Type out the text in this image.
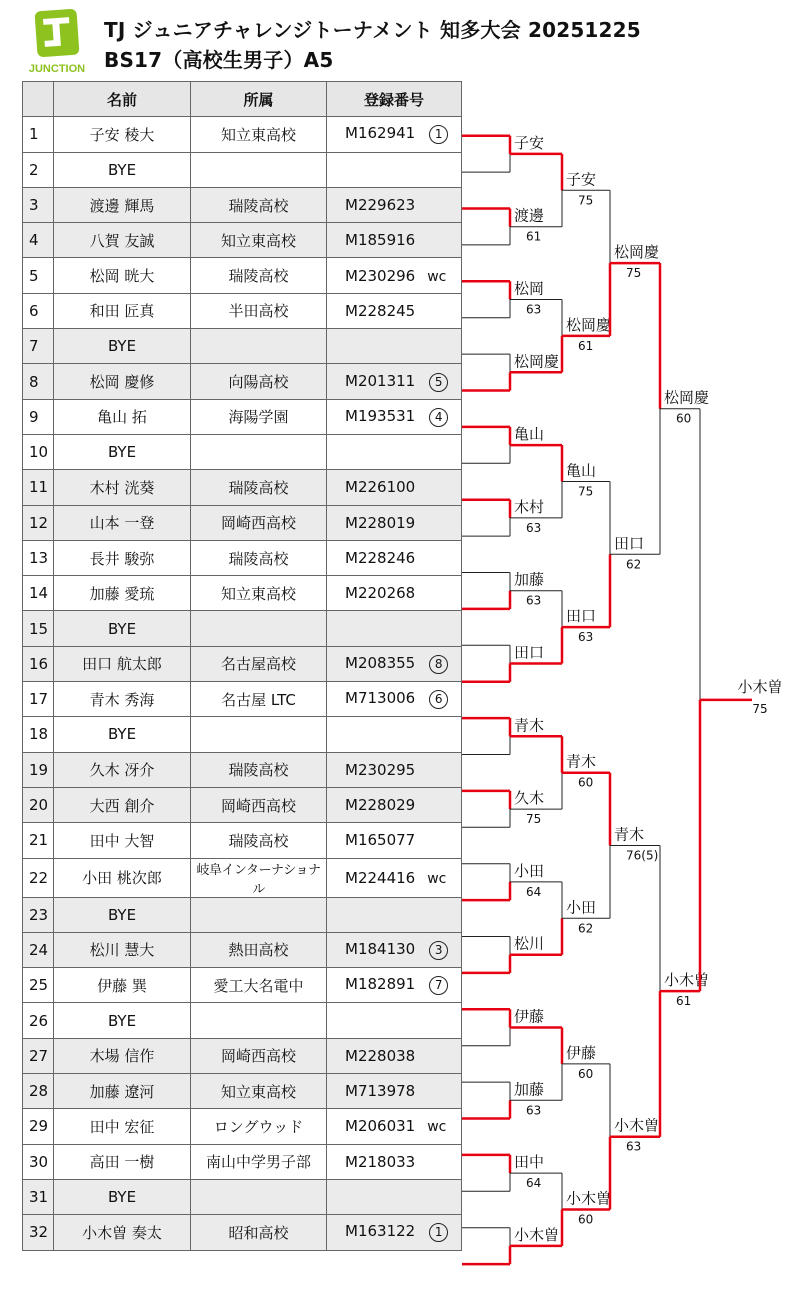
JUNCTION
TJ ジュニアチャレンジトーナメント 知多大会 20251225
BS17（高校生男子）A5
	名前	所属	登録番号
1	子安 稜大	知立東高校	M162941 1
2	BYE		
3	渡邊 輝馬	瑞陵高校	M229623
4	八賀 友誠	知立東高校	M185916
5	松岡 晄大	瑞陵高校	M230296 wc
6	和田 匠真	半田高校	M228245
7	BYE		
8	松岡 慶修	向陽高校	M201311 5
9	亀山 拓	海陽学園	M193531 4
10	BYE		
11	木村 洸葵	瑞陵高校	M226100
12	山本 一登	岡崎西高校	M228019
13	長井 駿弥	瑞陵高校	M228246
14	加藤 愛琉	知立東高校	M220268
15	BYE		
16	田口 航太郎	名古屋高校	M208355 8
17	青木 秀海	名古屋 LTC	M713006 6
18	BYE		
19	久木 冴介	瑞陵高校	M230295
20	大西 創介	岡崎西高校	M228029
21	田中 大智	瑞陵高校	M165077
22	小田 桃次郎	岐阜インターナショナル	M224416 wc
23	BYE		
24	松川 慧大	熱田高校	M184130 3
25	伊藤 巽	愛工大名電中	M182891 7
26	BYE		
27	木場 信作	岡崎西高校	M228038
28	加藤 遼河	知立東高校	M713978
29	田中 宏征	ロングウッド	M206031 wc
30	高田 一樹	南山中学男子部	M218033
31	BYE		
32	小木曽 奏太	昭和高校	M163122 1
子安
渡邊
61
松岡
63
松岡慶
亀山
木村
63
加藤
63
田口
青木
久木
75
小田
64
松川
伊藤
加藤
63
田中
64
小木曽
子安
75
松岡慶
61
亀山
75
田口
63
青木
60
小田
62
伊藤
60
小木曽
60
松岡慶
75
田口
62
青木
76(5)
小木曽
63
松岡慶
60
小木曽
61
小木曽
75
